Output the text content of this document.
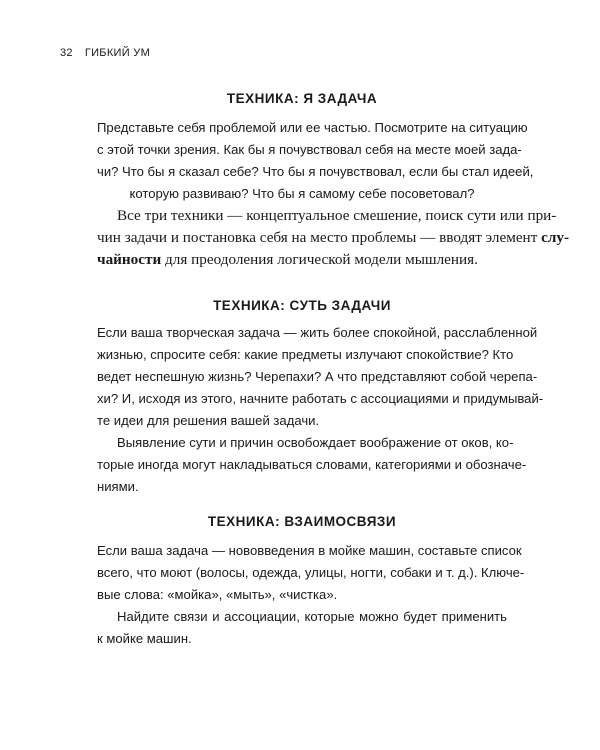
32 ГИБКИЙ УМ
ТЕХНИКА: Я ЗАДАЧА
Представьте себя проблемой или ее частью. Посмотрите на ситуацию
с этой точки зрения. Как бы я почувствовал себя на месте моей зада-
чи? Что бы я сказал себе? Что бы я почувствовал, если бы стал идеей,
которую развиваю? Что бы я самому себе посоветовал?
Все три техники — концептуальное смешение, поиск сути или при-
чин задачи и постановка себя на место проблемы — вводят элемент слу-
чайности для преодоления логической модели мышления.
ТЕХНИКА: СУТЬ ЗАДАЧИ
Если ваша творческая задача — жить более спокойной, расслабленной
жизнью, спросите себя: какие предметы излучают спокойствие? Кто
ведет неспешную жизнь? Черепахи? А что представляют собой черепа-
хи? И, исходя из этого, начните работать с ассоциациями и придумывай-
те идеи для решения вашей задачи.
Выявление сути и причин освобождает воображение от оков, ко-
торые иногда могут накладываться словами, категориями и обозначе-
ниями.
ТЕХНИКА: ВЗАИМОСВЯЗИ
Если ваша задача — нововведения в мойке машин, составьте список
всего, что моют (волосы, одежда, улицы, ногти, собаки и т. д.). Ключе-
вые слова: «мойка», «мыть», «чистка».
Найдите связи и ассоциации, которые можно будет применить
к мойке машин.
